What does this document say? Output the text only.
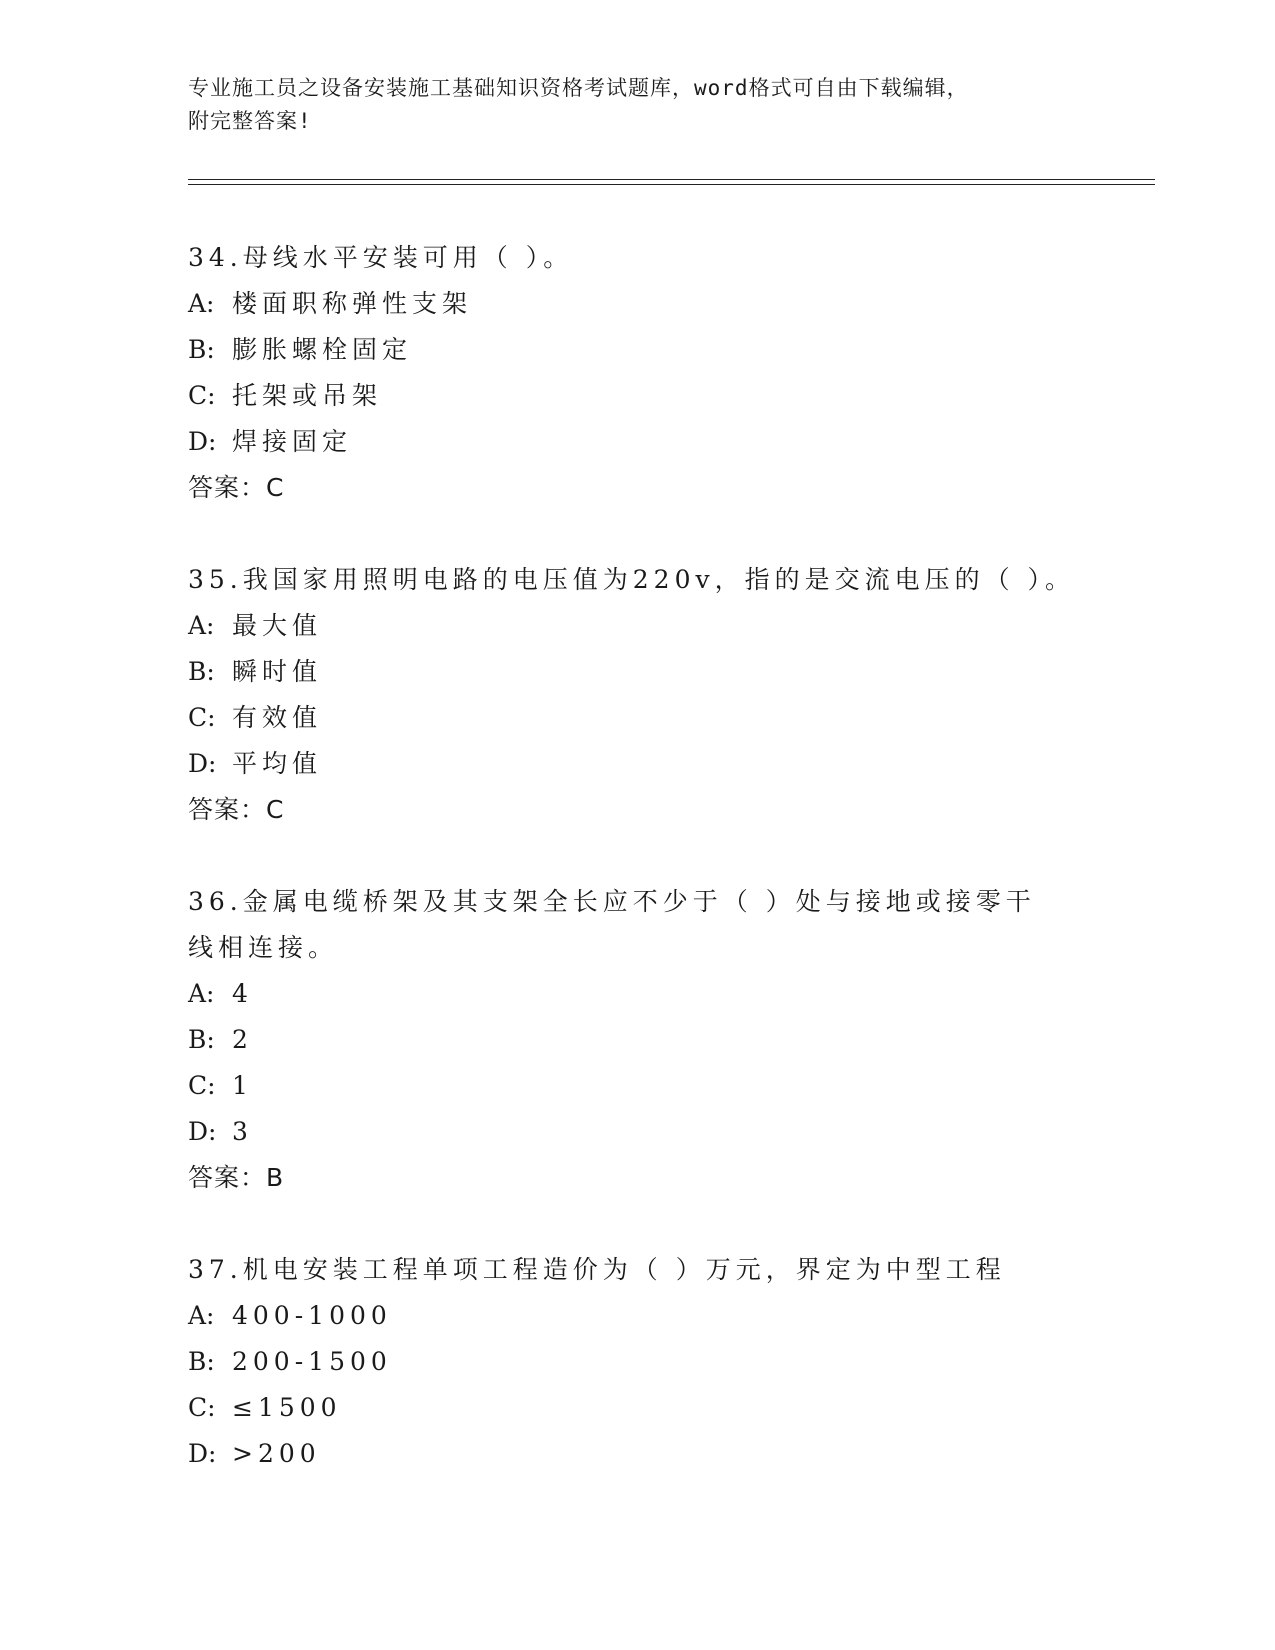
专业施工员之设备安装施工基础知识资格考试题库，word格式可自由下载编辑，
附完整答案!
34.母线水平安装可用（ ）。
A: 楼面职称弹性支架
B: 膨胀螺栓固定
C: 托架或吊架
D: 焊接固定
答案：C
35.我国家用照明电路的电压值为220v，指的是交流电压的（ ）。
A: 最大值
B: 瞬时值
C: 有效值
D: 平均值
答案：C
36.金属电缆桥架及其支架全长应不少于（ ）处与接地或接零干线相连接。
A: 4
B: 2
C: 1
D: 3
答案：B
37.机电安装工程单项工程造价为（ ）万元，界定为中型工程
A: 400-1000
B: 200-1500
C: ≤1500
D: >200
